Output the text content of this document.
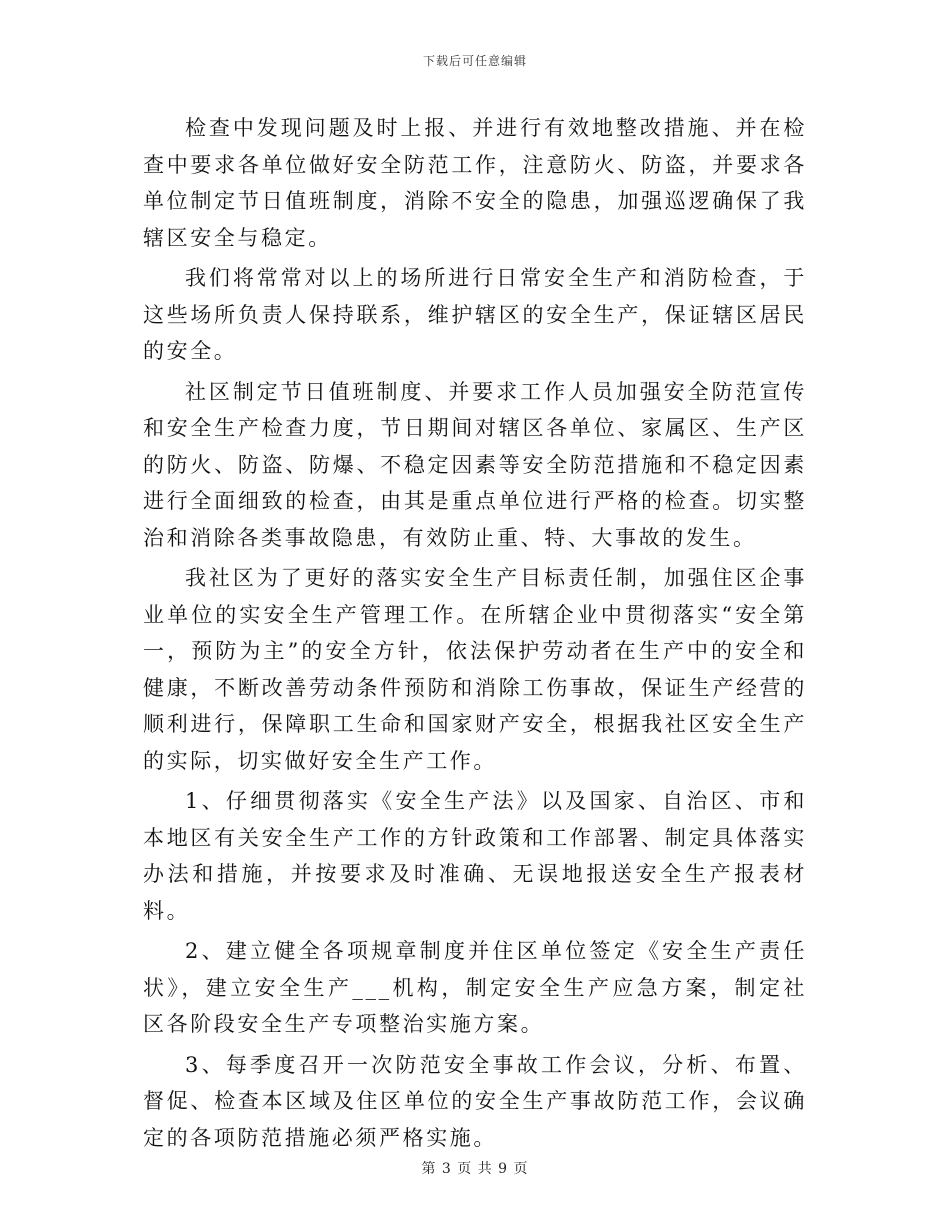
下载后可任意编辑

检查中发现问题及时上报、并进行有效地整改措施、并在检查中要求各单位做好安全防范工作，注意防火、防盗，并要求各单位制定节日值班制度，消除不安全的隐患，加强巡逻确保了我辖区安全与稳定。

我们将常常对以上的场所进行日常安全生产和消防检查，于这些场所负责人保持联系，维护辖区的安全生产，保证辖区居民的安全。

社区制定节日值班制度、并要求工作人员加强安全防范宣传和安全生产检查力度，节日期间对辖区各单位、家属区、生产区的防火、防盗、防爆、不稳定因素等安全防范措施和不稳定因素进行全面细致的检查，由其是重点单位进行严格的检查。切实整治和消除各类事故隐患，有效防止重、特、大事故的发生。

我社区为了更好的落实安全生产目标责任制，加强住区企事业单位的实安全生产管理工作。在所辖企业中贯彻落实“安全第一，预防为主”的安全方针，依法保护劳动者在生产中的安全和健康，不断改善劳动条件预防和消除工伤事故，保证生产经营的顺利进行，保障职工生命和国家财产安全，根据我社区安全生产的实际，切实做好安全生产工作。

1、仔细贯彻落实《安全生产法》以及国家、自治区、市和本地区有关安全生产工作的方针政策和工作部署、制定具体落实办法和措施，并按要求及时准确、无误地报送安全生产报表材料。

2、建立健全各项规章制度并住区单位签定《安全生产责任状》，建立安全生产___机构，制定安全生产应急方案，制定社区各阶段安全生产专项整治实施方案。

3、每季度召开一次防范安全事故工作会议，分析、布置、督促、检查本区域及住区单位的安全生产事故防范工作，会议确定的各项防范措施必须严格实施。

第 3 页 共 9 页
